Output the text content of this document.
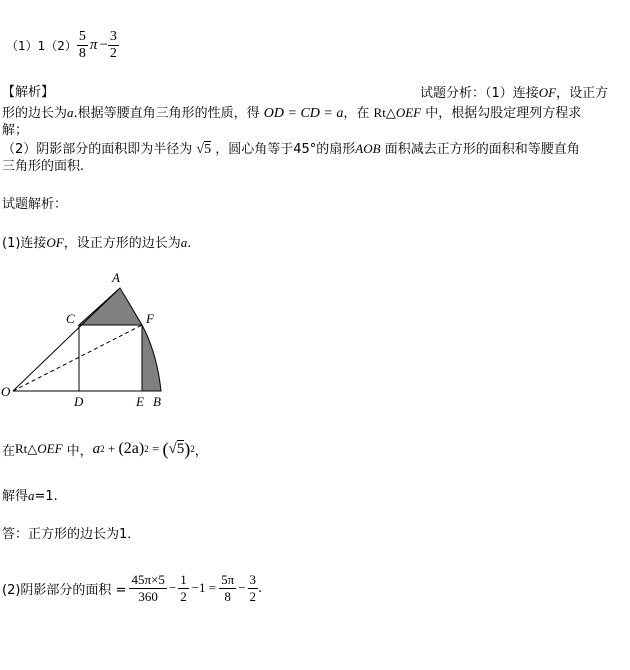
（1）1 $(2) \frac{5}{8}$ $\pi - \frac{3}{2}$
【解析】	试题分析：（1）连接OF，设正方
形的边长为a.根据等腰直角三角形的性质，得 OD = CD = a，在 Rt△OEF 中，根据勾股定理列方程求
解；
（2）阴影部分的面积即为半径为 √5 ，圆心角等于45°的扇形AOB 面积减去正方形的面积和等腰直角
三角形的面积.
试题解析：
(1)连接OF，设正方形的边长为a.
A
C	F
O
D	E B
在 Rt△ OEF 中， a 2 + (2a) 2 = ( √ 5 ) 2 ，
解得a=1.
答：正方形的边长为1．
(2)阴影部分的面积 = $\frac{45\pi\times 5}{360} - \frac{1}{2} -1 = \frac{5\pi}{8} - \frac{3}{2}$ .
